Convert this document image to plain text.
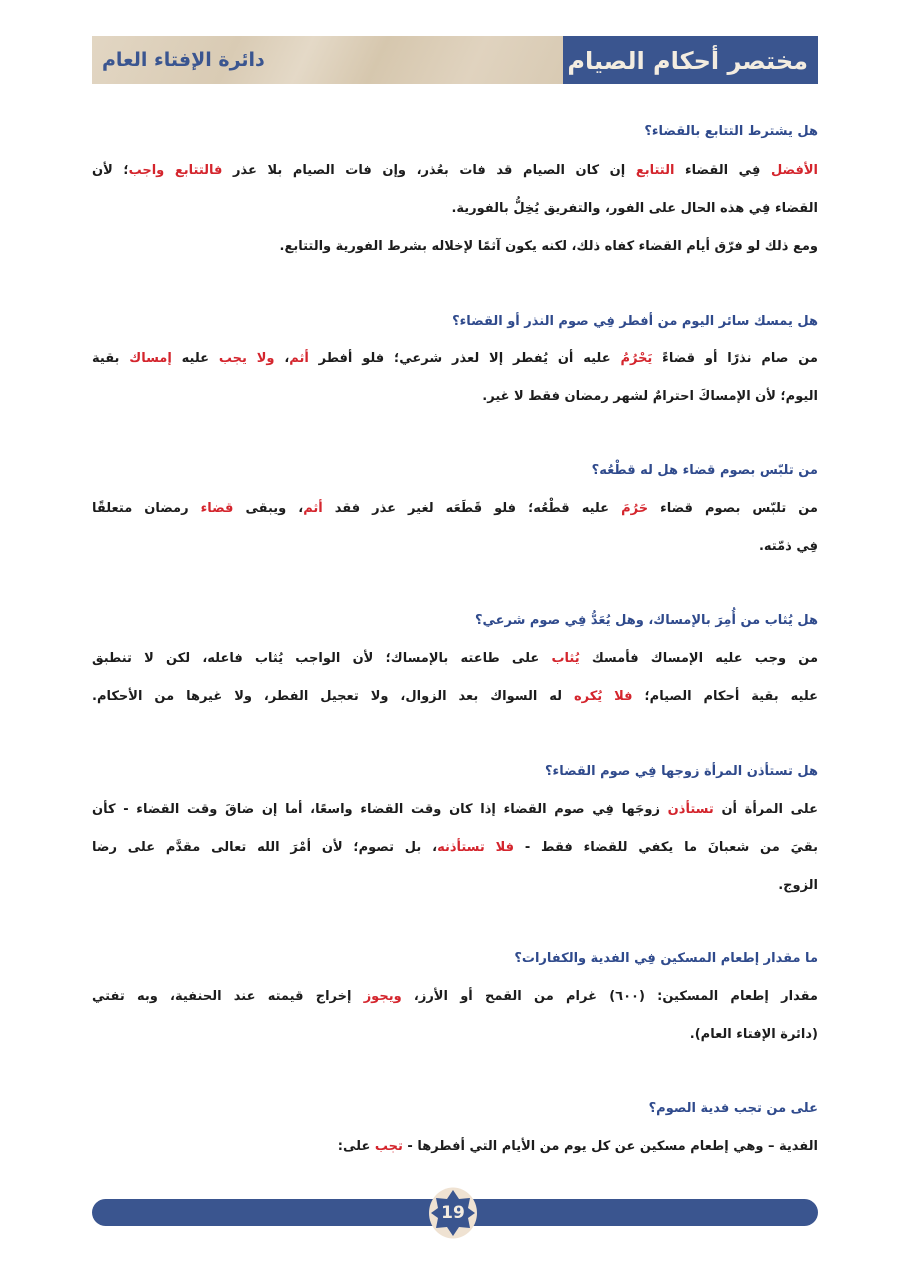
دائرة الإفتاء العام	مختصر أحكام الصيام
هل يشترط التتابع بالقضاء؟
الأفضل فِي القضاء التتابع إن كان الصيام قد فات بعُذر، وإن فات الصيام بلا عذر فالتتابع واجب؛ لأن
القضاء فِي هذه الحال على الفور، والتفريق يُخِلُّ بالفورية.
ومع ذلك لو فرّق أيام القضاء كفاه ذلك، لكنه يكون آثمًا لإخلاله بشرط الفورية والتتابع.
هل يمسك سائر اليوم من أفطر فِي صوم النذر أو القضاء؟
من صام نذرًا أو قضاءً يَحْرُمُ عليه أن يُفطر إلا لعذر شرعي؛ فلو أفطر أثم، ولا يجب عليه إمساك بقية
اليوم؛ لأن الإمساكَ احترامٌ لشهر رمضان فقط لا غير.
من تلبّس بصوم قضاء هل له قطْعُه؟
من تلبّس بصوم قضاء حَرُمَ عليه قطْعُه؛ فلو قَطَعَه لغير عذر فقد أثم، ويبقى قضاء رمضان متعلقًا
فِي ذمّته.
هل يُثاب من أُمِرَ بالإمساك، وهل يُعَدُّ فِي صوم شرعي؟
من وجب عليه الإمساك فأمسك يُثاب على طاعته بالإمساك؛ لأن الواجب يُثاب فاعله، لكن لا تنطبق
عليه بقية أحكام الصيام؛ فلا يُكره له السواك بعد الزوال، ولا تعجيل الفطر، ولا غيرها من الأحكام.
هل تستأذن المرأة زوجها فِي صوم القضاء؟
على المرأة أن تستأذن زوجَها فِي صوم القضاء إذا كان وقت القضاء واسعًا، أما إن ضاقَ وقت القضاء - كأن
بقيَ من شعبانَ ما يكفي للقضاء فقط - فلا تستأذنه، بل تصوم؛ لأن أمْرَ الله تعالى مقدَّم على رضا
الزوج.
ما مقدار إطعام المسكين فِي الفدية والكفارات؟
مقدار إطعام المسكين: (٦٠٠) غرام من القمح أو الأرز، ويجوز إخراج قيمته عند الحنفية، وبه تفتي
(دائرة الإفتاء العام).
على من تجب فدية الصوم؟
الفدية – وهي إطعام مسكين عن كل يوم من الأيام التي أفطرها - تجب على:
19
